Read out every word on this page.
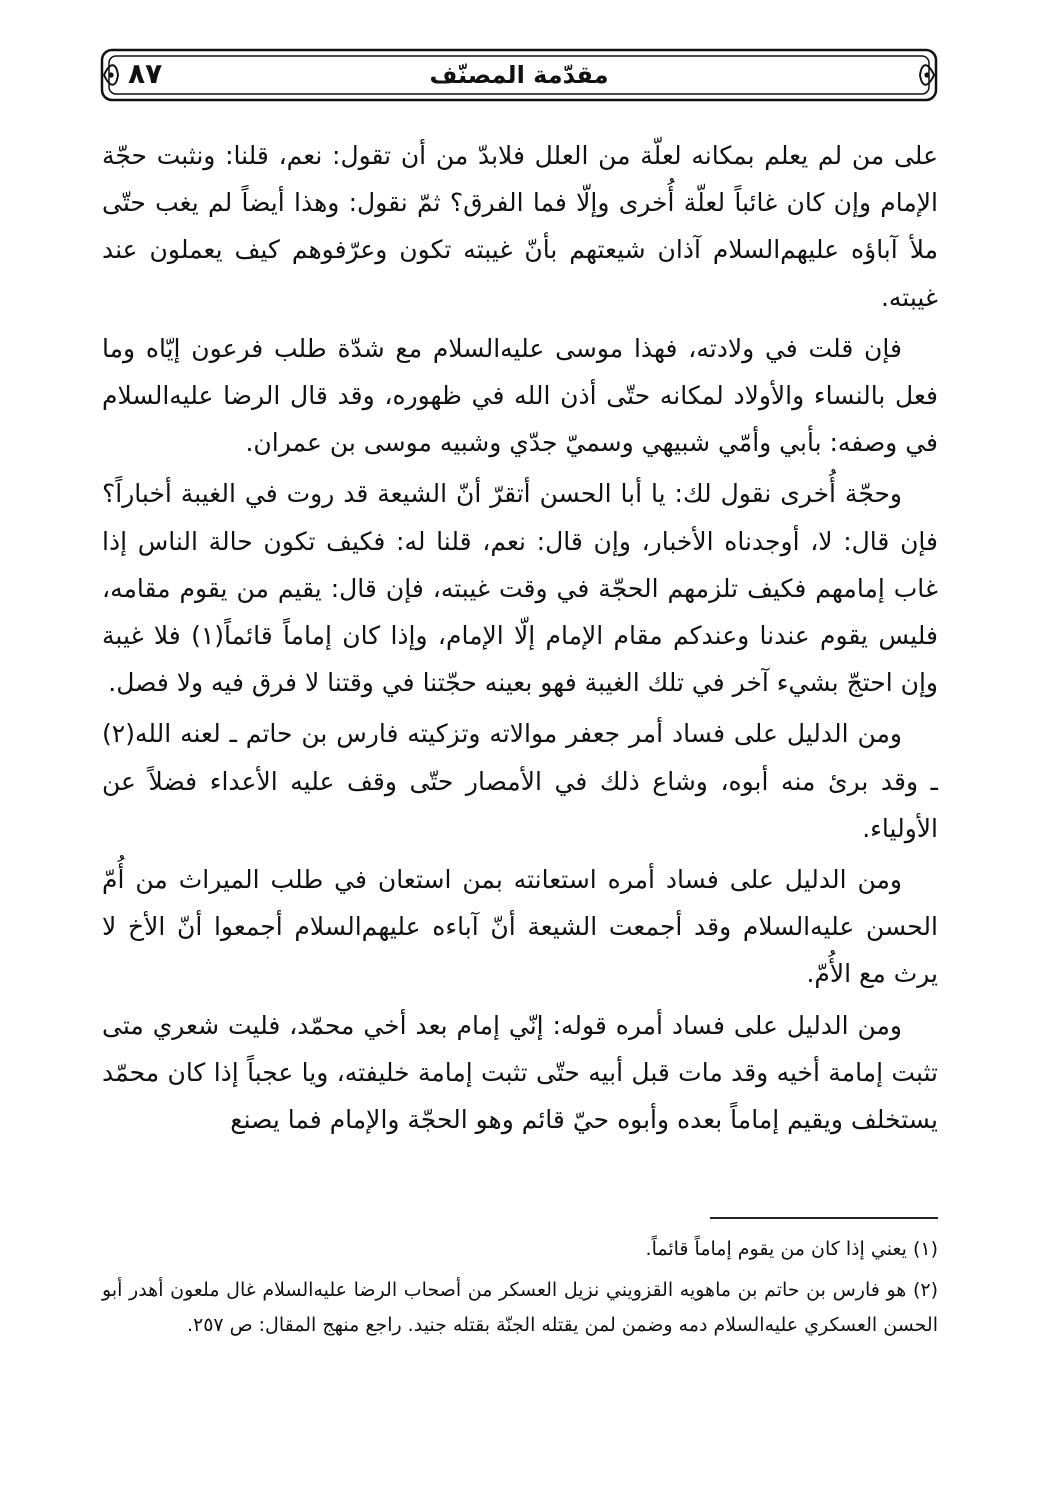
مقدّمة المصنّف
٨٧

على من لم يعلم بمكانه لعلّة من العلل فلابدّ من أن تقول: نعم، قلنا: ونثبت حجّة الإمام وإن كان غائباً لعلّة أُخرى وإلّا فما الفرق؟ ثمّ نقول: وهذا أيضاً لم يغب حتّى ملأ آباؤه عليهم‌السلام آذان شيعتهم بأنّ غيبته تكون وعرّفوهم كيف يعملون عند غيبته.

فإن قلت في ولادته، فهذا موسى عليه‌السلام مع شدّة طلب فرعون إيّاه وما فعل بالنساء والأولاد لمكانه حتّى أذن الله في ظهوره، وقد قال الرضا عليه‌السلام في وصفه: بأبي وأمّي شبيهي وسميّ جدّي وشبيه موسى بن عمران.

وحجّة أُخرى نقول لك: يا أبا الحسن أتقرّ أنّ الشيعة قد روت في الغيبة أخباراً؟ فإن قال: لا، أوجدناه الأخبار، وإن قال: نعم، قلنا له: فكيف تكون حالة الناس إذا غاب إمامهم فكيف تلزمهم الحجّة في وقت غيبته، فإن قال: يقيم من يقوم مقامه، فليس يقوم عندنا وعندكم مقام الإمام إلّا الإمام، وإذا كان إماماً قائماً(١) فلا غيبة وإن احتجّ بشيء آخر في تلك الغيبة فهو بعينه حجّتنا في وقتنا لا فرق فيه ولا فصل.

ومن الدليل على فساد أمر جعفر موالاته وتزكيته فارس بن حاتم ـ لعنه الله(٢) ـ وقد برئ منه أبوه، وشاع ذلك في الأمصار حتّى وقف عليه الأعداء فضلاً عن الأولياء.

ومن الدليل على فساد أمره استعانته بمن استعان في طلب الميراث من أُمّ الحسن عليه‌السلام وقد أجمعت الشيعة أنّ آباءه عليهم‌السلام أجمعوا أنّ الأخ لا يرث مع الأُمّ.

ومن الدليل على فساد أمره قوله: إنّي إمام بعد أخي محمّد، فليت شعري متى تثبت إمامة أخيه وقد مات قبل أبيه حتّى تثبت إمامة خليفته، ويا عجباً إذا كان محمّد يستخلف ويقيم إماماً بعده وأبوه حيّ قائم وهو الحجّة والإمام فما يصنع

(١) يعني إذا كان من يقوم إماماً قائماً.

(٢) هو فارس بن حاتم بن ماهويه القزويني نزيل العسكر من أصحاب الرضا عليه‌السلام غال ملعون أهدر أبو الحسن العسكري عليه‌السلام دمه وضمن لمن يقتله الجنّة بقتله جنيد. راجع منهج المقال: ص ٢٥٧.
